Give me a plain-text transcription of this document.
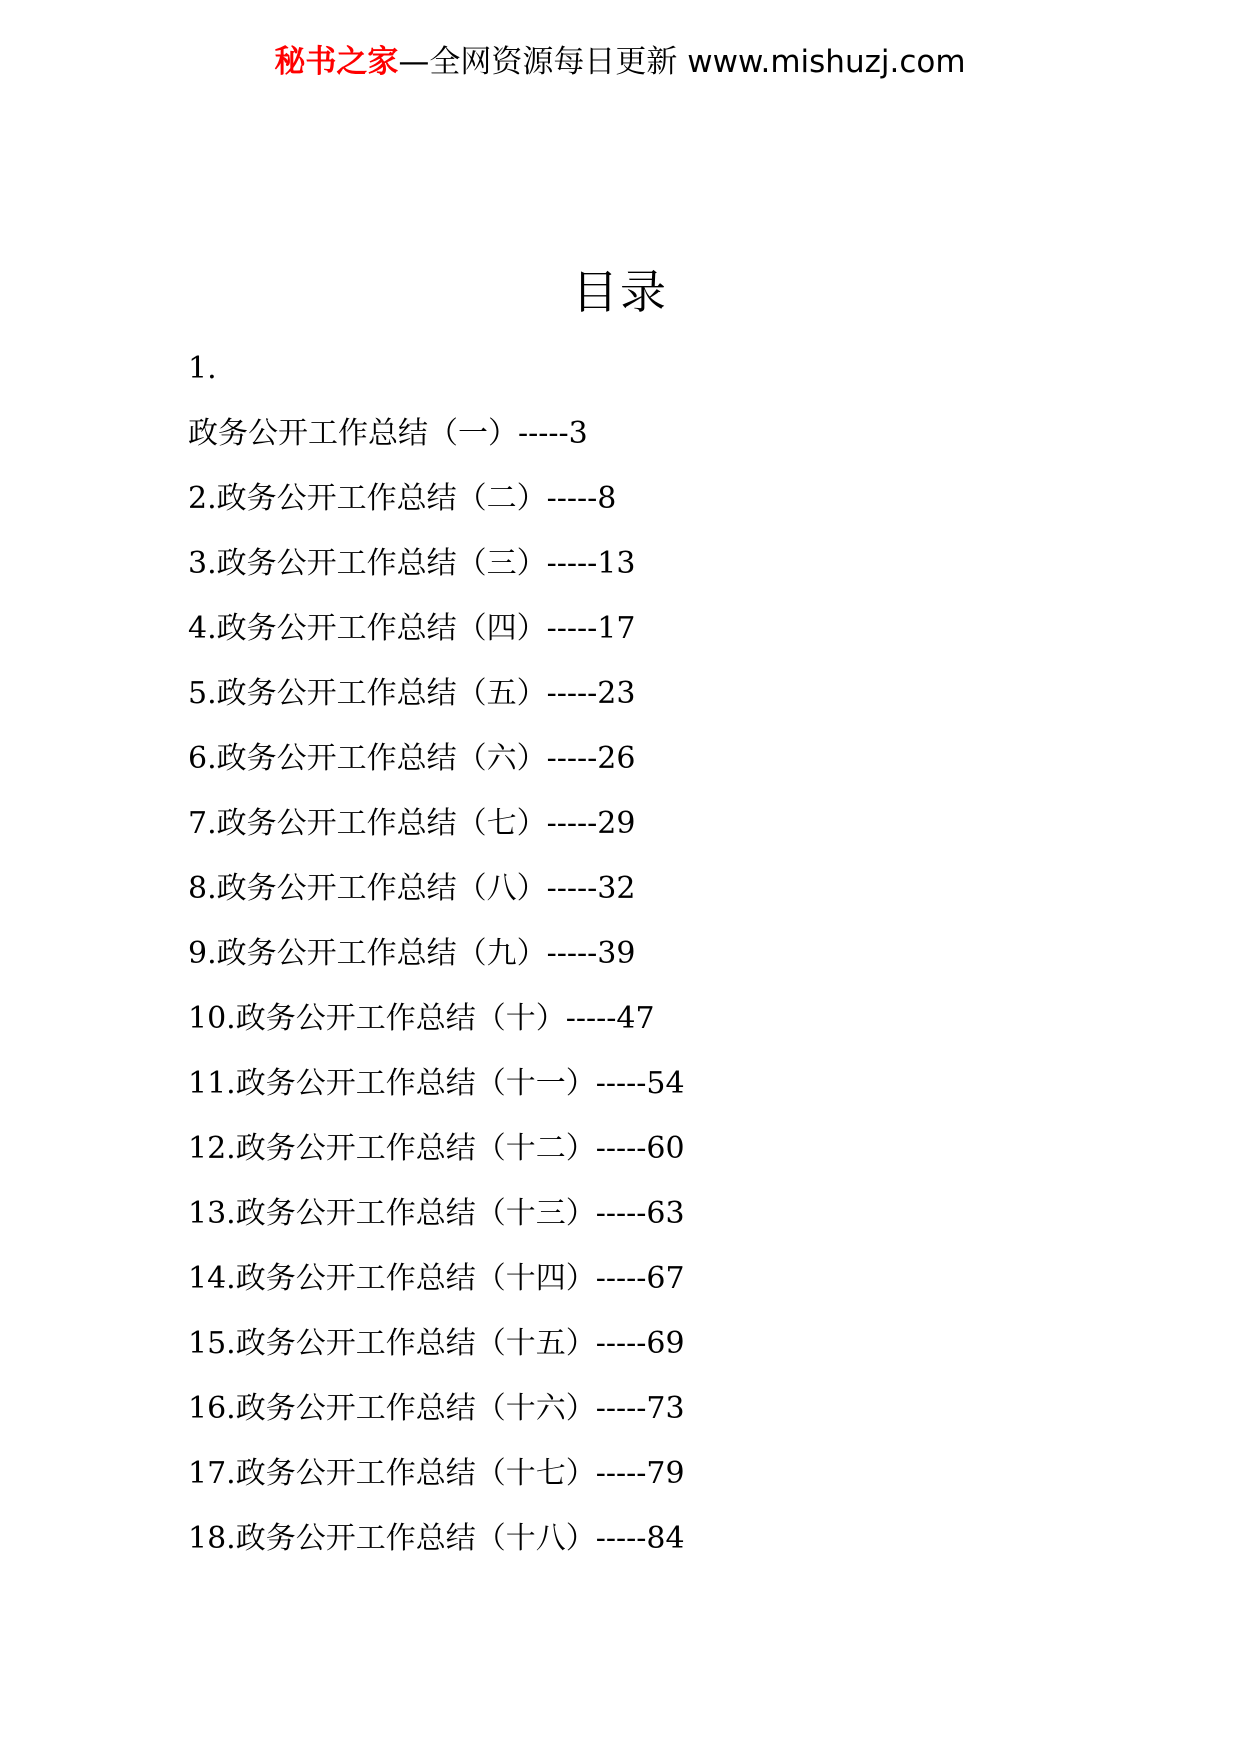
秘书之家—全网资源每日更新 www.mishuzj.com
目录
1.
政务公开工作总结（一）-----3
2.政务公开工作总结（二）-----8
3.政务公开工作总结（三）-----13
4.政务公开工作总结（四）-----17
5.政务公开工作总结（五）-----23
6.政务公开工作总结（六）-----26
7.政务公开工作总结（七）-----29
8.政务公开工作总结（八）-----32
9.政务公开工作总结（九）-----39
10.政务公开工作总结（十）-----47
11.政务公开工作总结（十一）-----54
12.政务公开工作总结（十二）-----60
13.政务公开工作总结（十三）-----63
14.政务公开工作总结（十四）-----67
15.政务公开工作总结（十五）-----69
16.政务公开工作总结（十六）-----73
17.政务公开工作总结（十七）-----79
18.政务公开工作总结（十八）-----84
